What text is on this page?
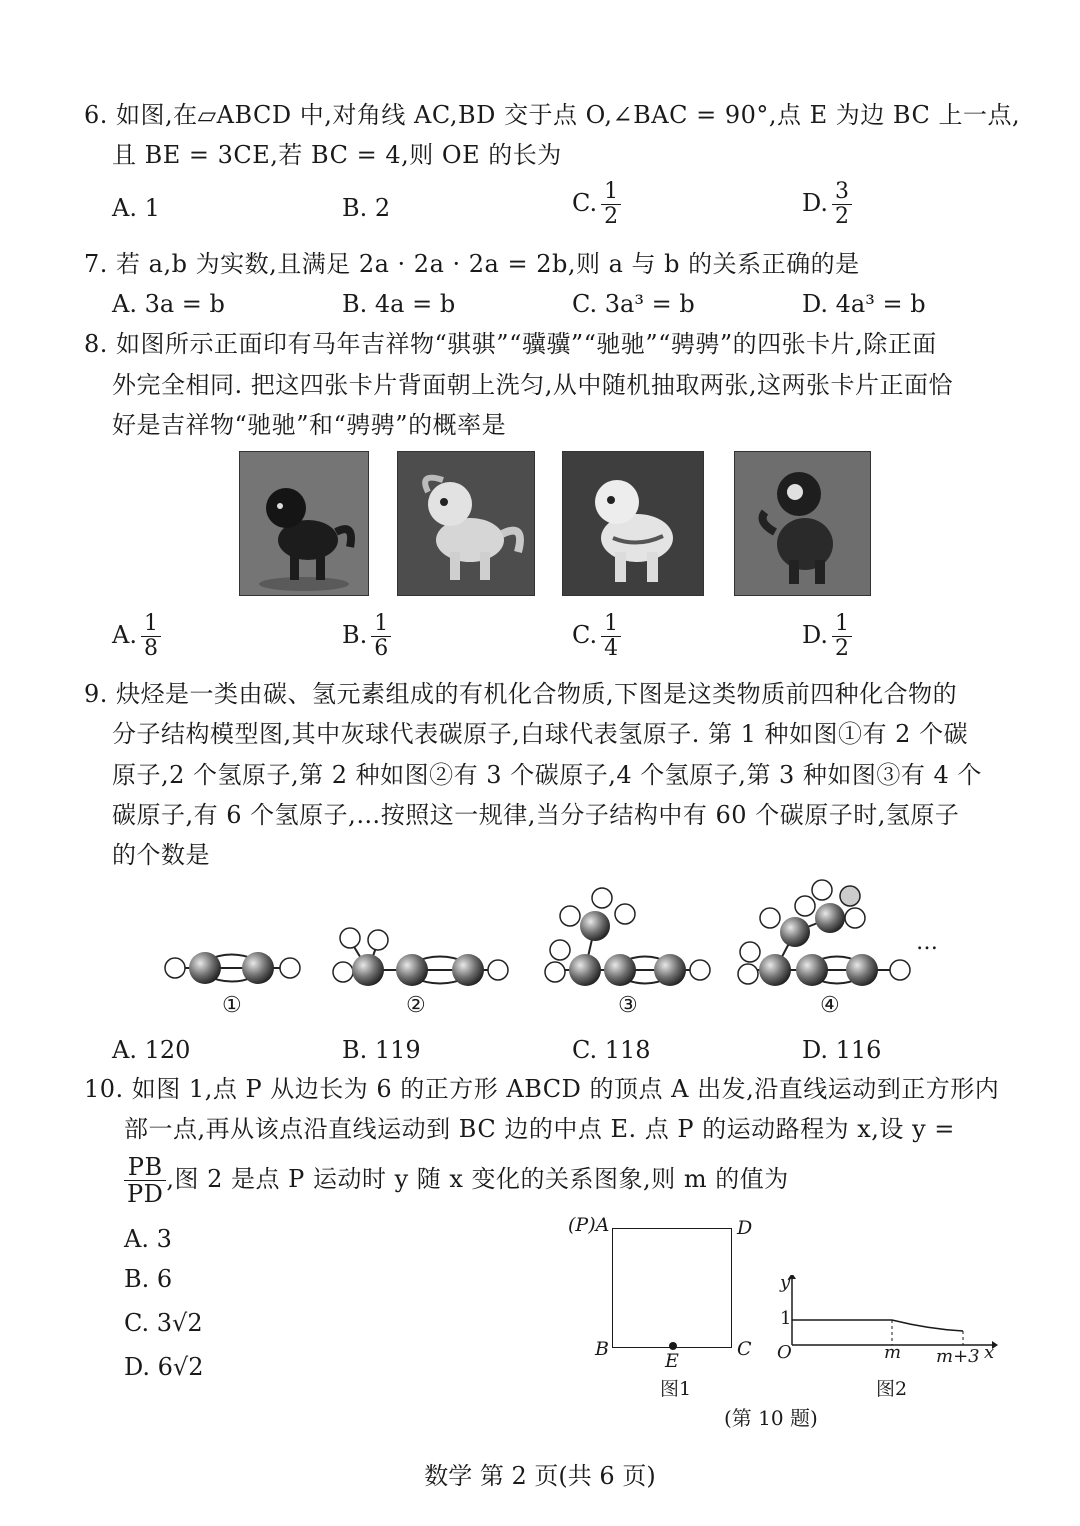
6. 如图,在▱ABCD 中,对角线 AC,BD 交于点 O,∠BAC = 90°,点 E 为边 BC 上一点,
且 BE = 3CE,若 BC = 4,则 OE 的长为
A. 1	B. 2	C. $\frac{1}{2}$	D. $\frac{3}{2}$
7. 若 a,b 为实数,且满足 2a · 2a · 2a = 2b,则 a 与 b 的关系正确的是
A. 3a = b	B. 4a = b	C. 3a³ = b	D. 4a³ = b
8. 如图所示正面印有马年吉祥物“骐骐”“骥骥”“驰驰”“骋骋”的四张卡片,除正面
外完全相同. 把这四张卡片背面朝上洗匀,从中随机抽取两张,这两张卡片正面恰
好是吉祥物“驰驰”和“骋骋”的概率是
A. $\frac{1}{8}$	B. $\frac{1}{6}$	C. $\frac{1}{4}$	D. $\frac{1}{2}$
9. 炔烃是一类由碳、氢元素组成的有机化合物质,下图是这类物质前四种化合物的
分子结构模型图,其中灰球代表碳原子,白球代表氢原子. 第 1 种如图①有 2 个碳
原子,2 个氢原子,第 2 种如图②有 3 个碳原子,4 个氢原子,第 3 种如图③有 4 个
碳原子,有 6 个氢原子,…按照这一规律,当分子结构中有 60 个碳原子时,氢原子
的个数是
…
①	②	③	④
A. 120	B. 119	C. 118	D. 116
10. 如图 1,点 P 从边长为 6 的正方形 ABCD 的顶点 A 出发,沿直线运动到正方形内
部一点,再从该点沿直线运动到 BC 边的中点 E. 点 P 的运动路程为 x,设 y =
$\frac{PB}{PD}$ ,图 2 是点 P 运动时 y 随 x 变化的关系图象,则 m 的值为
A. 3
B. 6
C. 3√2
D. 6√2
(P)A	D
B	C
E
图1
y
1
O	m m+3 x
图2
(第 10 题)
数学 第 2 页(共 6 页)
